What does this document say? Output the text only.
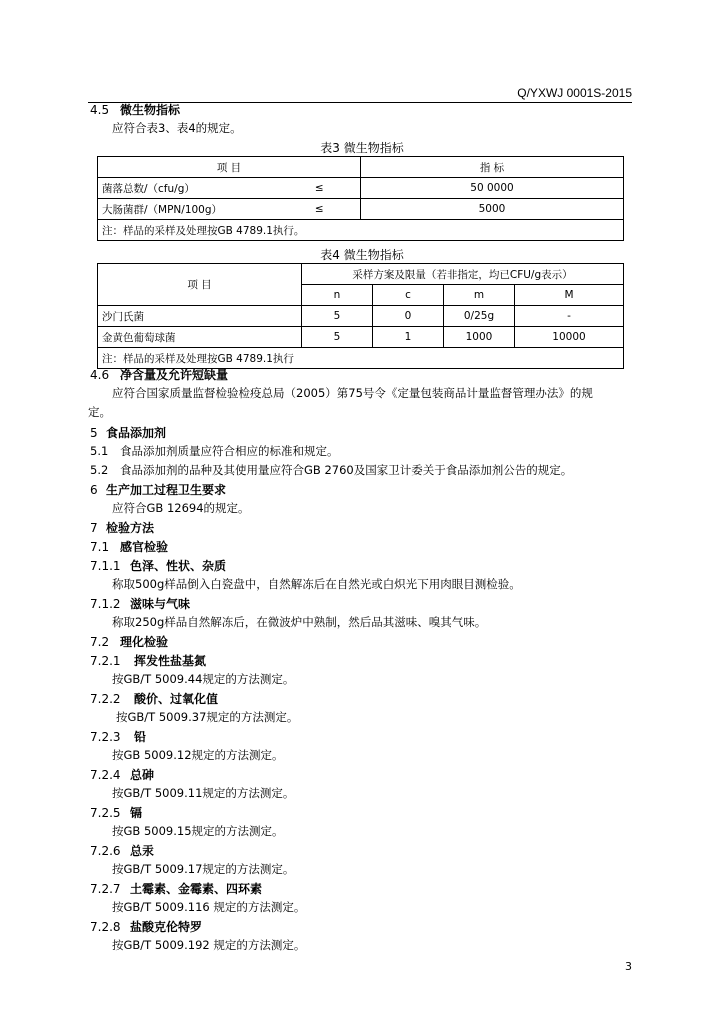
Q/YXWJ 0001S-2015
4.5 微生物指标
应符合表3、表4的规定。
表3 微生物指标
项 目		指 标
菌落总数/（cfu/g）	≤	50 0000
大肠菌群/（MPN/100g）	≤	5000
注：样品的采样及处理按GB 4789.1执行。		
表4 微生物指标
项 目	采样方案及限量（若非指定，均已CFU/g表示）			
	n	c	m	M
沙门氏菌	5	0	0/25g	-
金黄色葡萄球菌	5	1	1000	10000
注：样品的采样及处理按GB 4789.1执行				
4.6 净含量及允许短缺量
应符合国家质量监督检验检疫总局（2005）第75号令《定量包装商品计量监督管理办法》的规
定。
5 食品添加剂
5.1 食品添加剂质量应符合相应的标准和规定。
5.2 食品添加剂的品种及其使用量应符合GB 2760及国家卫计委关于食品添加剂公告的规定。
6 生产加工过程卫生要求
应符合GB 12694的规定。
7 检验方法
7.1 感官检验
7.1.1 色泽、性状、杂质
称取500g样品倒入白瓷盘中，自然解冻后在自然光或白炽光下用肉眼目测检验。
7.1.2 滋味与气味
称取250g样品自然解冻后，在微波炉中熟制，然后品其滋味、嗅其气味。
7.2 理化检验
7.2.1 挥发性盐基氮
按GB/T 5009.44规定的方法测定。
7.2.2 酸价、过氧化值
按GB/T 5009.37规定的方法测定。
7.2.3 铅
按GB 5009.12规定的方法测定。
7.2.4 总砷
按GB/T 5009.11规定的方法测定。
7.2.5 镉
按GB 5009.15规定的方法测定。
7.2.6 总汞
按GB/T 5009.17规定的方法测定。
7.2.7 土霉素、金霉素、四环素
按GB/T 5009.116 规定的方法测定。
7.2.8 盐酸克伦特罗
按GB/T 5009.192 规定的方法测定。
3
